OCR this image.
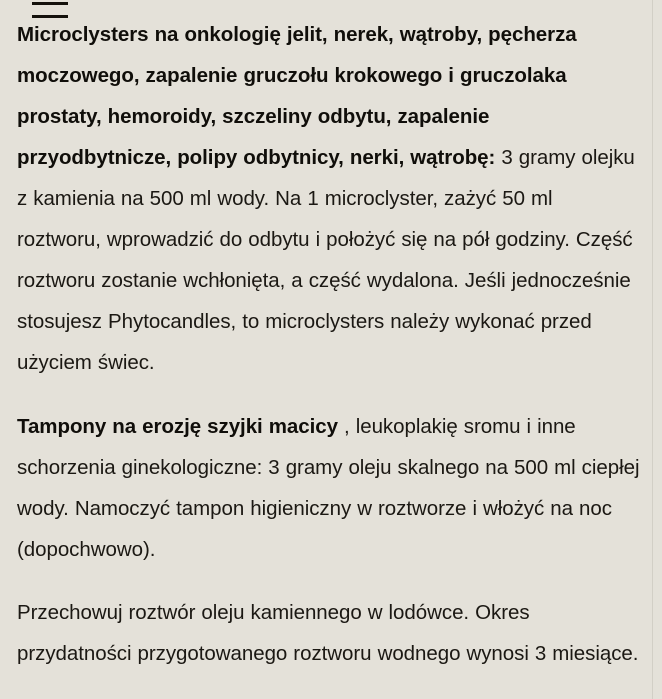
Microclysters na onkologię jelit, nerek, wątroby, pęcherza moczowego, zapalenie gruczołu krokowego i gruczolaka prostaty, hemoroidy, szczeliny odbytu, zapalenie przyodbytnicze, polipy odbytnicy, nerki, wątrobę: 3 gramy olejku z kamienia na 500 ml wody. Na 1 microclyster, zażyć 50 ml roztworu, wprowadzić do odbytu i położyć się na pół godziny. Część roztworu zostanie wchłonięta, a część wydalona. Jeśli jednocześnie stosujesz Phytocandles, to microclysters należy wykonać przed użyciem świec.

Tampony na erozję szyjki macicy , leukoplakię sromu i inne schorzenia ginekologiczne: 3 gramy oleju skalnego na 500 ml ciepłej wody. Namoczyć tampon higieniczny w roztworze i włożyć na noc (dopochwowo).

Przechowuj roztwór oleju kamiennego w lodówce. Okres przydatności przygotowanego roztworu wodnego wynosi 3 miesiące.
